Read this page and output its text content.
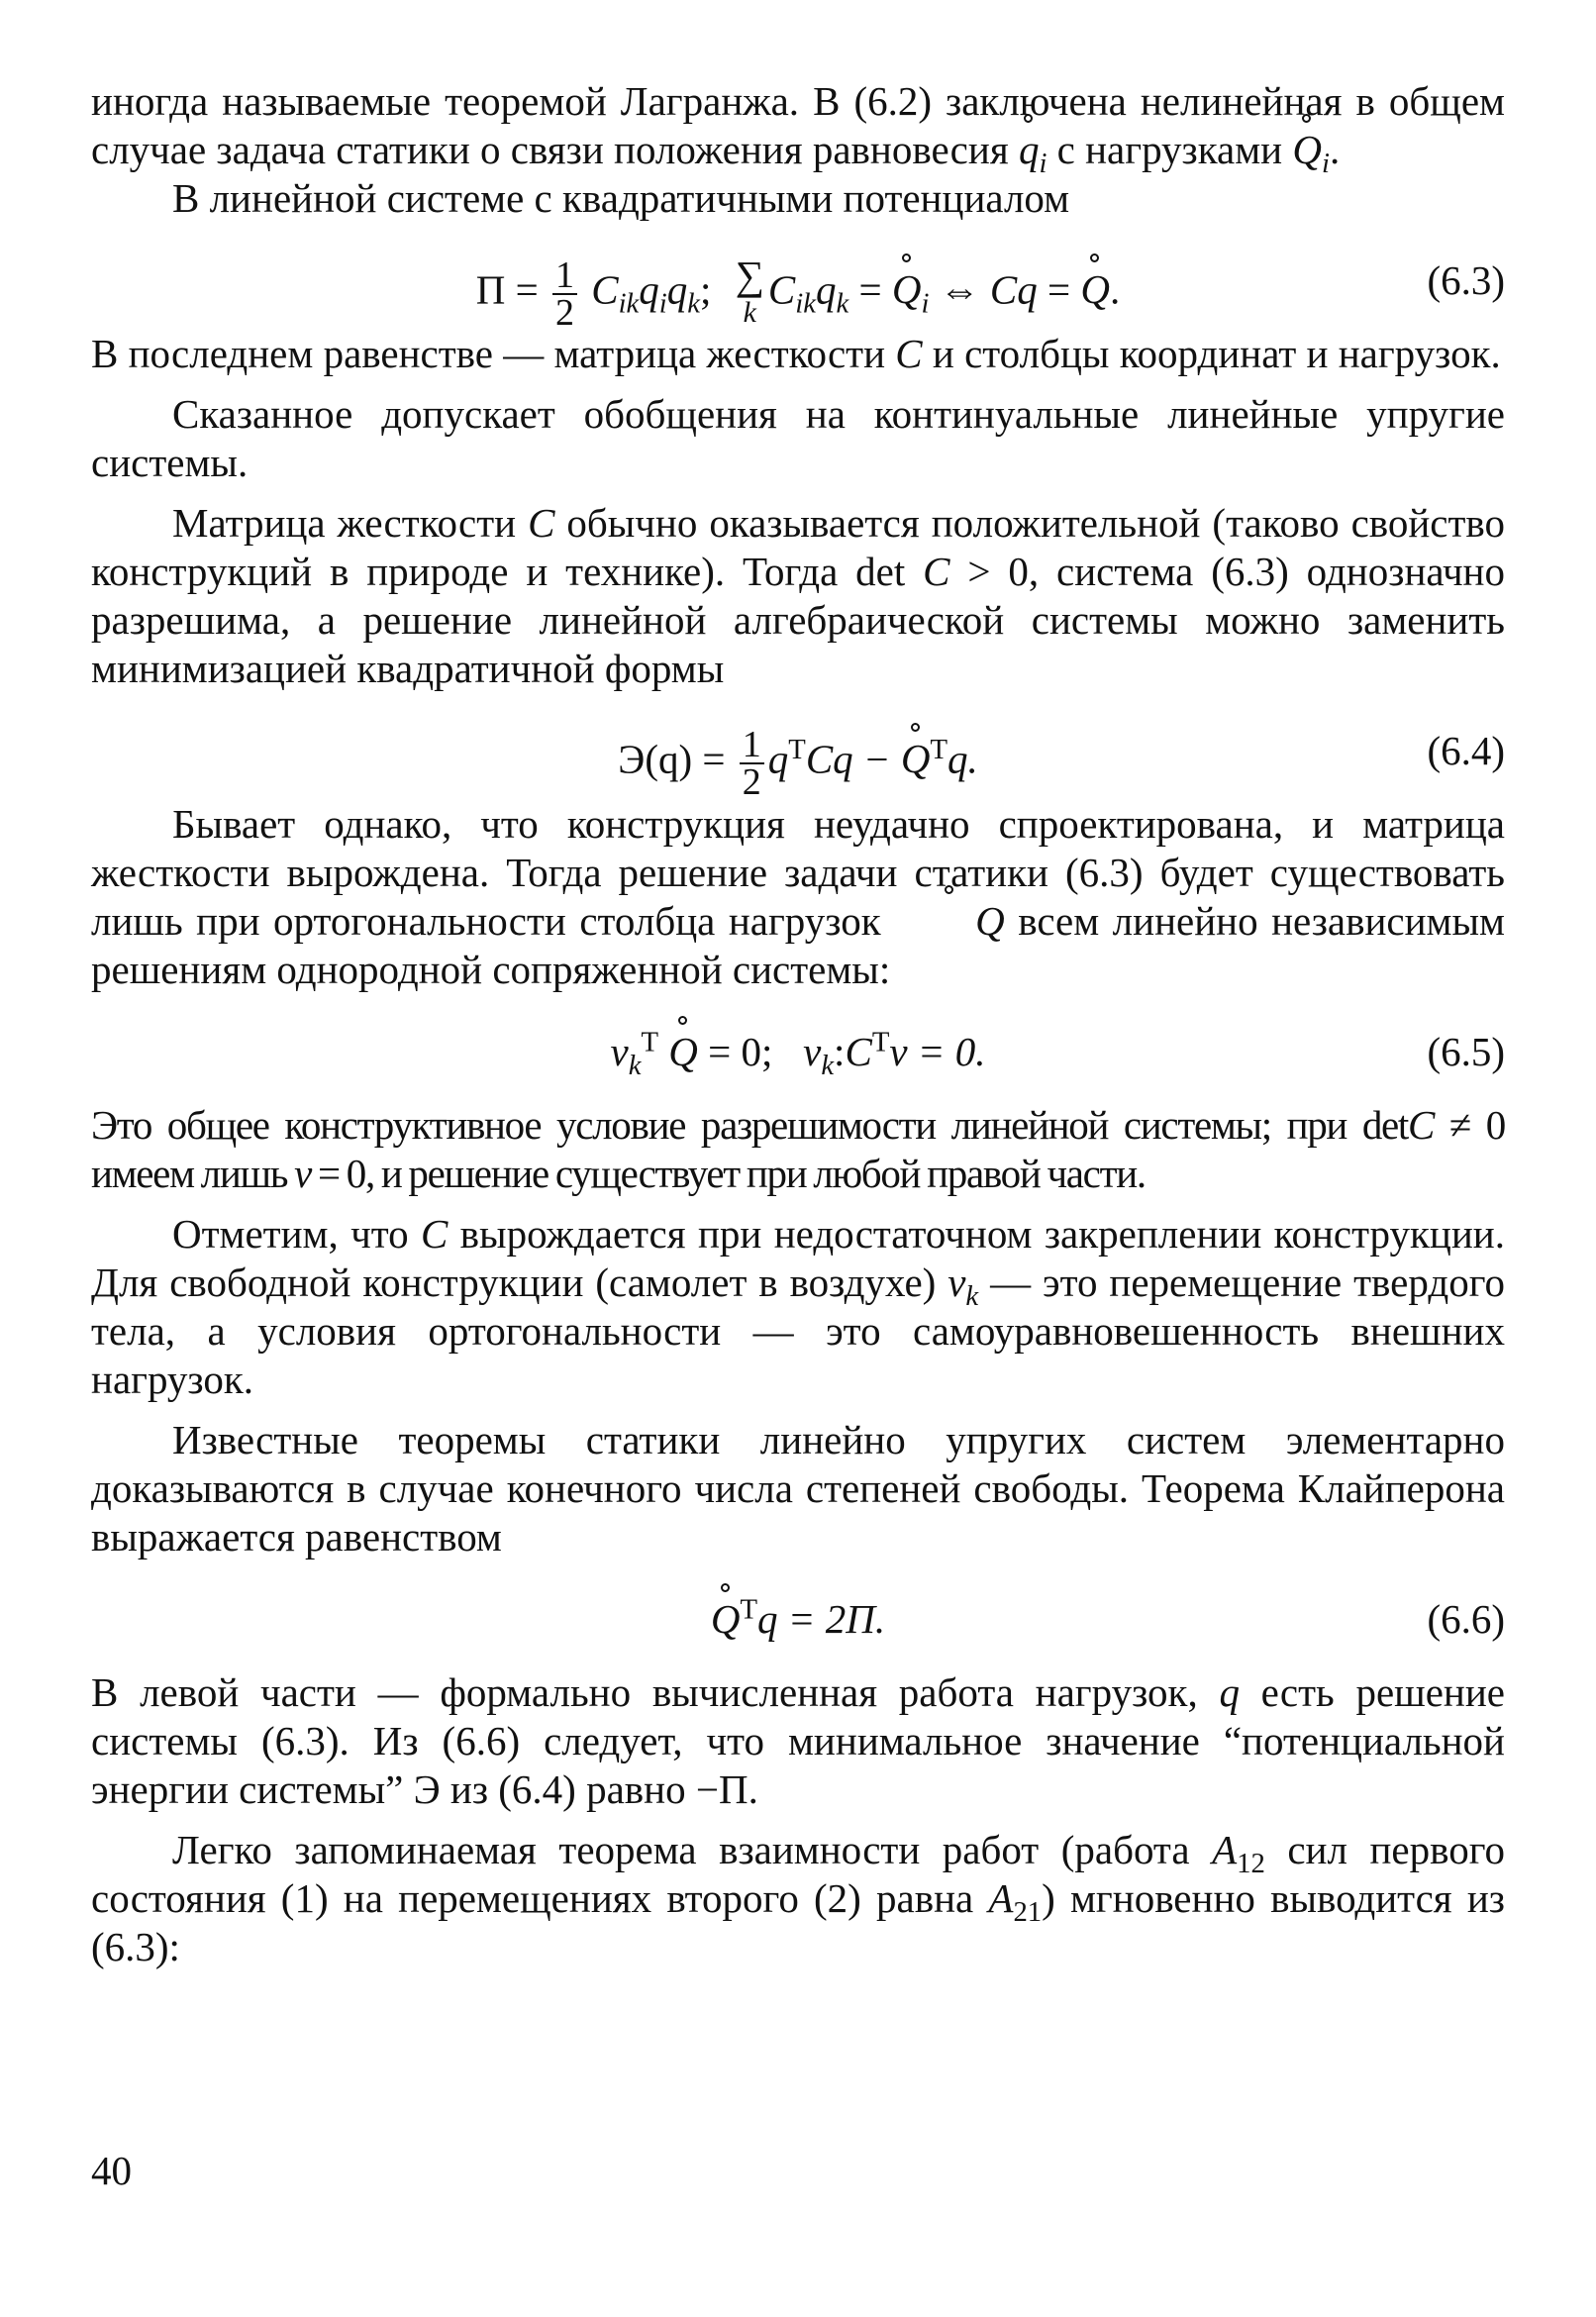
иногда называемые теоремой Лагранжа. В (6.2) заключена нелинейная в общем случае задача статики о связи положения равновесия $q_i$ с нагрузками $Q_i$.

В линейной системе с квадратичными потенциалом

$П = \frac{1}{2} C_{ik}q_iq_k$; ∑
k
$C_{ik}q_k = Q_i$ ⇔ Cq = Q.	(6.3)

В последнем равенстве — матрица жесткости C и столбцы координат и нагрузок.

Сказанное допускает обобщения на континуальные линейные упругие системы.

Матрица жесткости C обычно оказывается положительной (таково свойство конструкций в природе и технике). Тогда det C > 0, система (6.3) однозначно разрешима, а решение линейной алгебраической системы можно заменить минимизацией квадратичной формы

$Э(q) = \frac{1}{2} q^TCq - Q^Tq$.	(6.4)

Бывает однако, что конструкция неудачно спроектирована, и матрица жесткости вырождена. Тогда решение задачи статики (6.3) будет существовать лишь при ортогональности столбца нагрузок Q всем линейно независимым решениям однородной сопряженной системы:

$v_k^T$ Q = 0; $v_k:C^Tv = 0$.	(6.5)

Это общее конструктивное условие разрешимости линейной системы; при detC ≠ 0 имеем лишь v = 0, и решение существует при любой правой части.

Отметим, что C вырождается при недостаточном закреплении конструкции. Для свободной конструкции (самолет в воздухе) $v_k$ — это перемещение твердого тела, а условия ортогональности — это самоуравновешенность внешних нагрузок.

Известные теоремы статики линейно упругих систем элементарно доказываются в случае конечного числа степеней свободы. Теорема Клайперона выражается равенством

$Q^Tq = 2П$.	(6.6)

В левой части — формально вычисленная работа нагрузок, q есть решение системы (6.3). Из (6.6) следует, что минимальное значение “потенциальной энергии системы” Э из (6.4) равно −П.

Легко запоминаемая теорема взаимности работ (работа $A_{12}$ сил первого состояния (1) на перемещениях второго (2) равна $A_{21}$) мгновенно выводится из (6.3):

40
